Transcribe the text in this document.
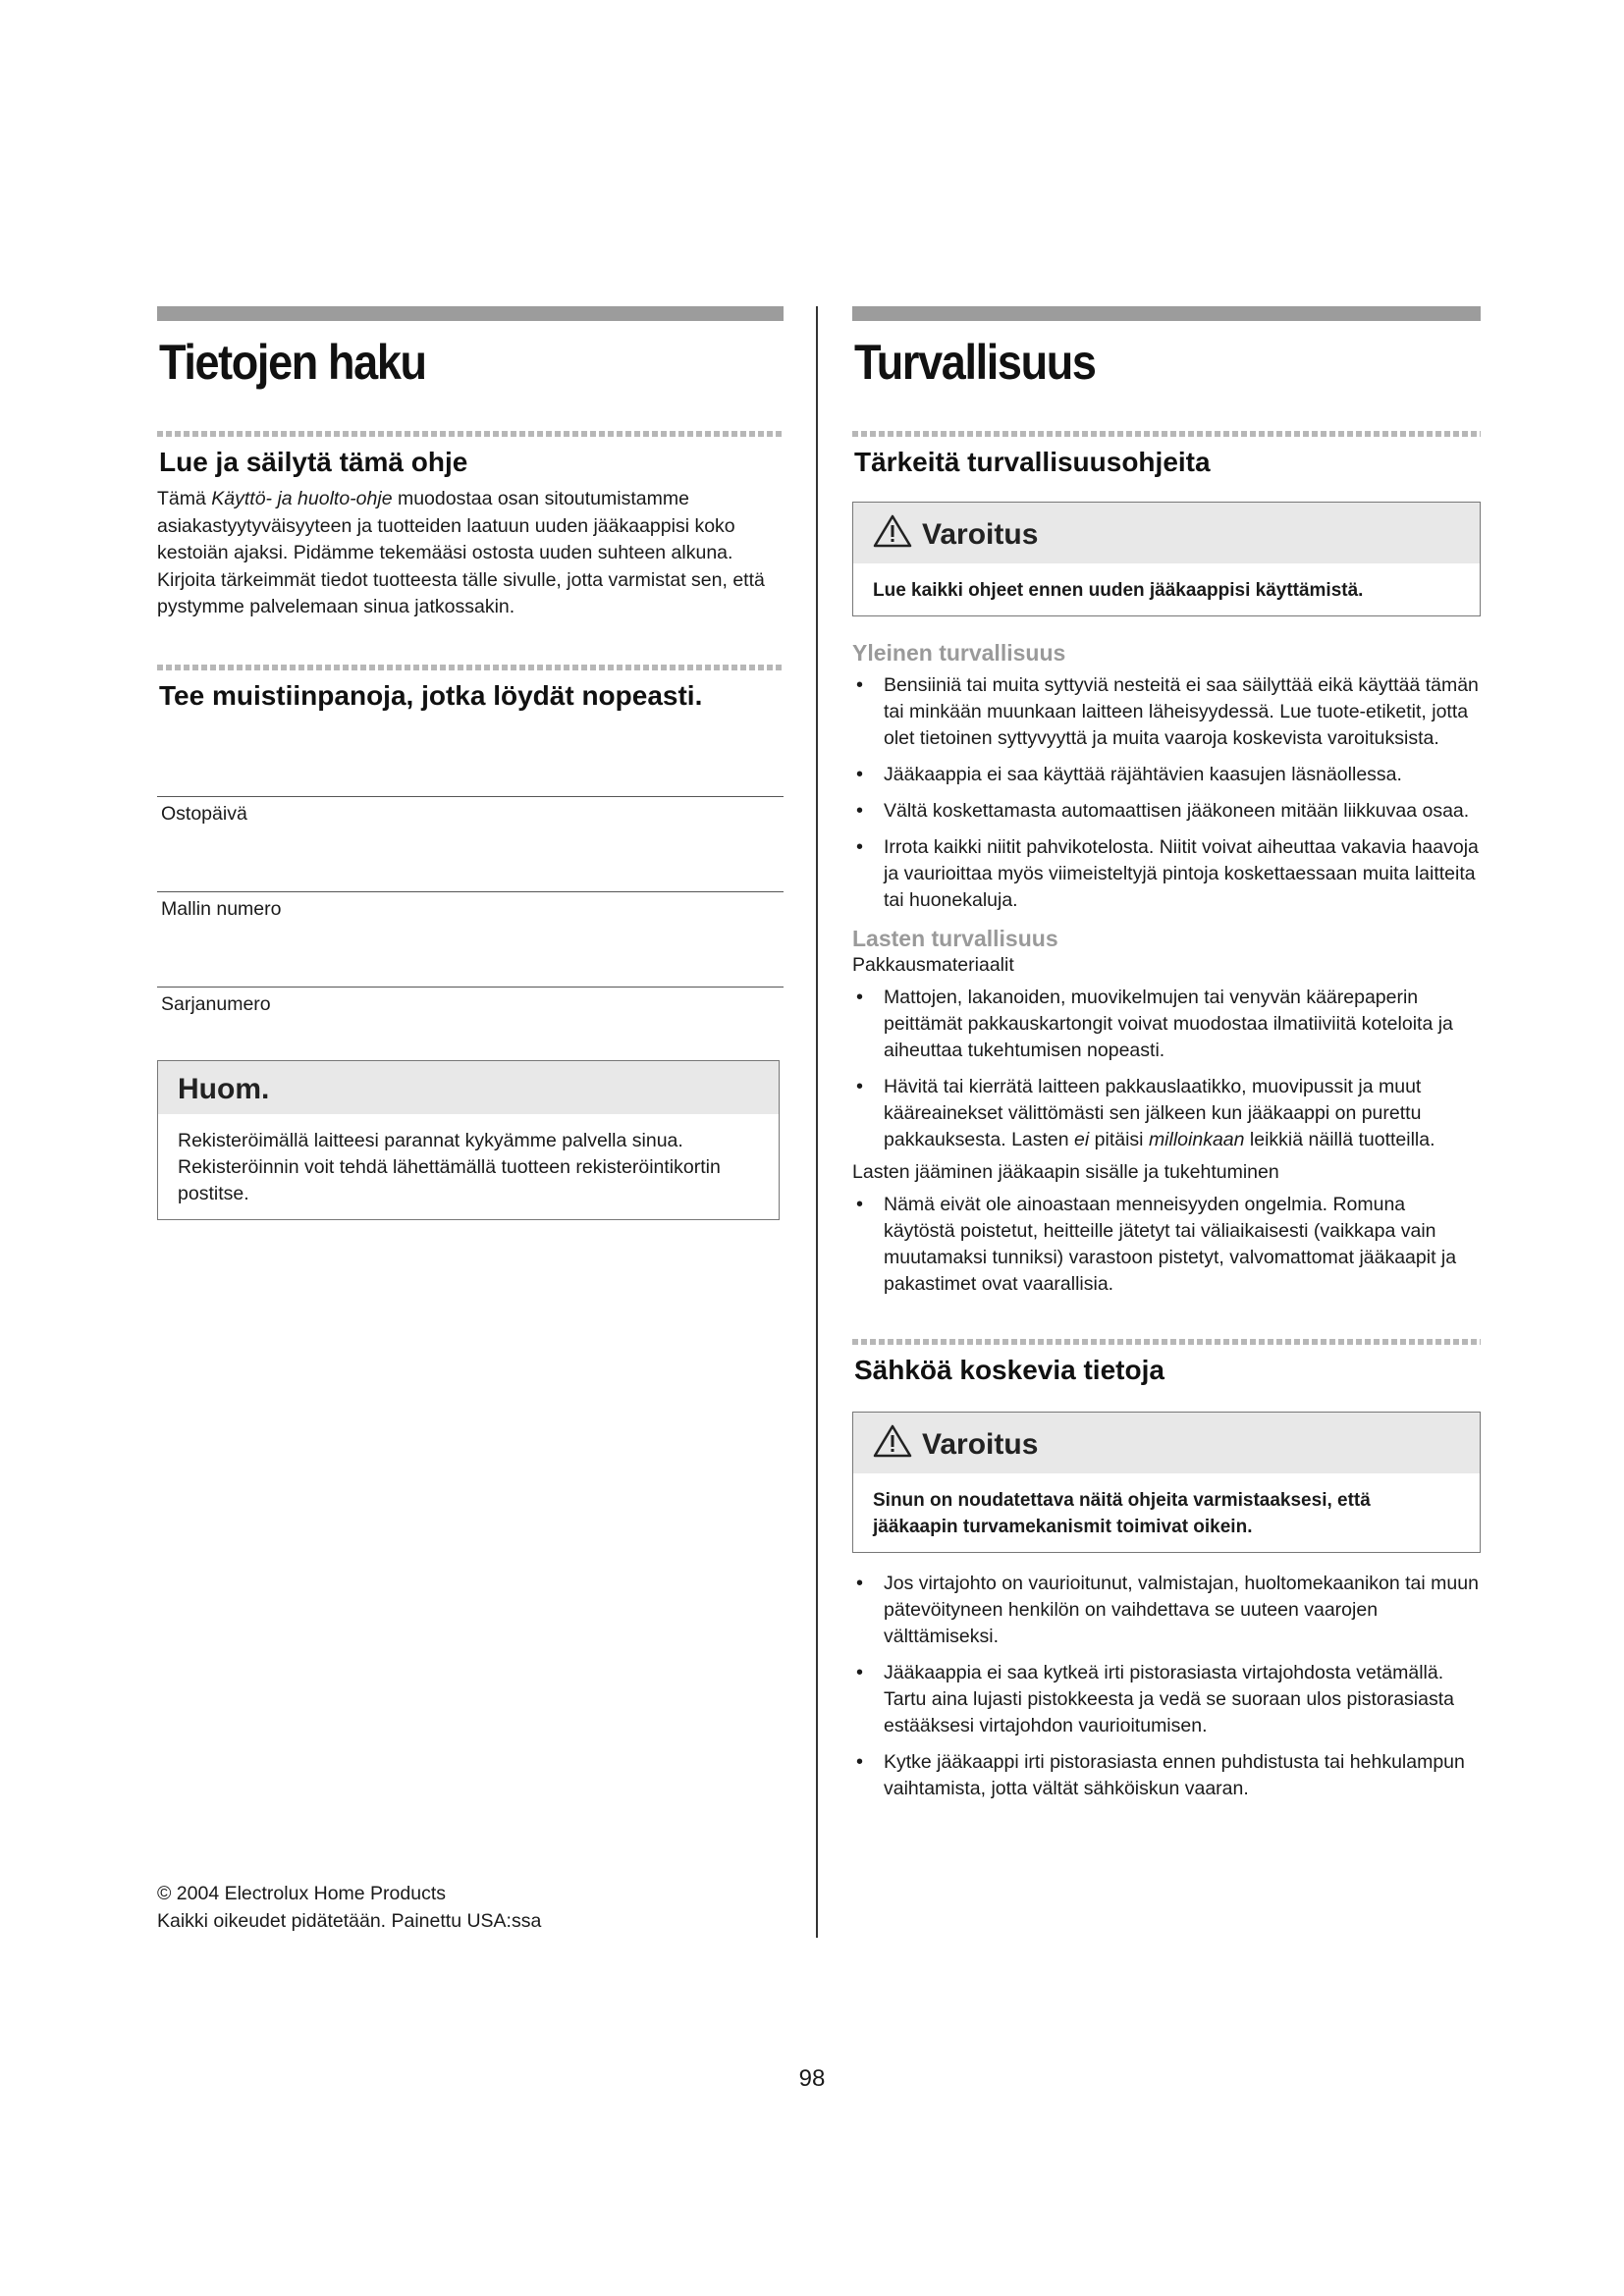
Tietojen haku
Lue ja säilytä tämä ohje
Tämä Käyttö- ja huolto-ohje muodostaa osan sitoutumistamme asiakastyytyväisyyteen ja tuotteiden laatuun uuden jääkaappisi koko kestoiän ajaksi. Pidämme tekemääsi ostosta uuden suhteen alkuna. Kirjoita tärkeimmät tiedot tuotteesta tälle sivulle, jotta varmistat sen, että pystymme palvelemaan sinua jatkossakin.
Tee muistiinpanoja, jotka löydät nopeasti.
Ostopäivä
Mallin numero
Sarjanumero
Huom.
Rekisteröimällä laitteesi parannat kykyämme palvella sinua. Rekisteröinnin voit tehdä lähettämällä tuotteen rekisteröintikortin postitse.
© 2004 Electrolux Home Products
Kaikki oikeudet pidätetään. Painettu USA:ssa
Turvallisuus
Tärkeitä turvallisuusohjeita
Varoitus
Lue kaikki ohjeet ennen uuden jääkaappisi käyttämistä.
Yleinen turvallisuus
• Bensiiniä tai muita syttyviä nesteitä ei saa säilyttää eikä käyttää tämän tai minkään muunkaan laitteen läheisyydessä. Lue tuote-etiketit, jotta olet tietoinen syttyvyyttä ja muita vaaroja koskevista varoituksista.
• Jääkaappia ei saa käyttää räjähtävien kaasujen läsnäollessa.
• Vältä koskettamasta automaattisen jääkoneen mitään liikkuvaa osaa.
• Irrota kaikki niitit pahvikotelosta. Niitit voivat aiheuttaa vakavia haavoja ja vaurioittaa myös viimeisteltyjä pintoja koskettaessaan muita laitteita tai huonekaluja.
Lasten turvallisuus
Pakkausmateriaalit
• Mattojen, lakanoiden, muovikelmujen tai venyvän käärepaperin peittämät pakkauskartongit voivat muodostaa ilmatiiviitä koteloita ja aiheuttaa tukehtumisen nopeasti.
• Hävitä tai kierrätä laitteen pakkauslaatikko, muovipussit ja muut kääreainekset välittömästi sen jälkeen kun jääkaappi on purettu pakkauksesta. Lasten ei pitäisi milloinkaan leikkiä näillä tuotteilla.
Lasten jääminen jääkaapin sisälle ja tukehtuminen
• Nämä eivät ole ainoastaan menneisyyden ongelmia. Romuna käytöstä poistetut, heitteille jätetyt tai väliaikaisesti (vaikkapa vain muutamaksi tunniksi) varastoon pistetyt, valvomattomat jääkaapit ja pakastimet ovat vaarallisia.
Sähköä koskevia tietoja
Varoitus
Sinun on noudatettava näitä ohjeita varmistaaksesi, että jääkaapin turvamekanismit toimivat oikein.
• Jos virtajohto on vaurioitunut, valmistajan, huoltomekaanikon tai muun pätevöityneen henkilön on vaihdettava se uuteen vaarojen välttämiseksi.
• Jääkaappia ei saa kytkeä irti pistorasiasta virtajohdosta vetämällä. Tartu aina lujasti pistokkeesta ja vedä se suoraan ulos pistorasiasta estääksesi virtajohdon vaurioitumisen.
• Kytke jääkaappi irti pistorasiasta ennen puhdistusta tai hehkulampun vaihtamista, jotta vältät sähköiskun vaaran.
98
